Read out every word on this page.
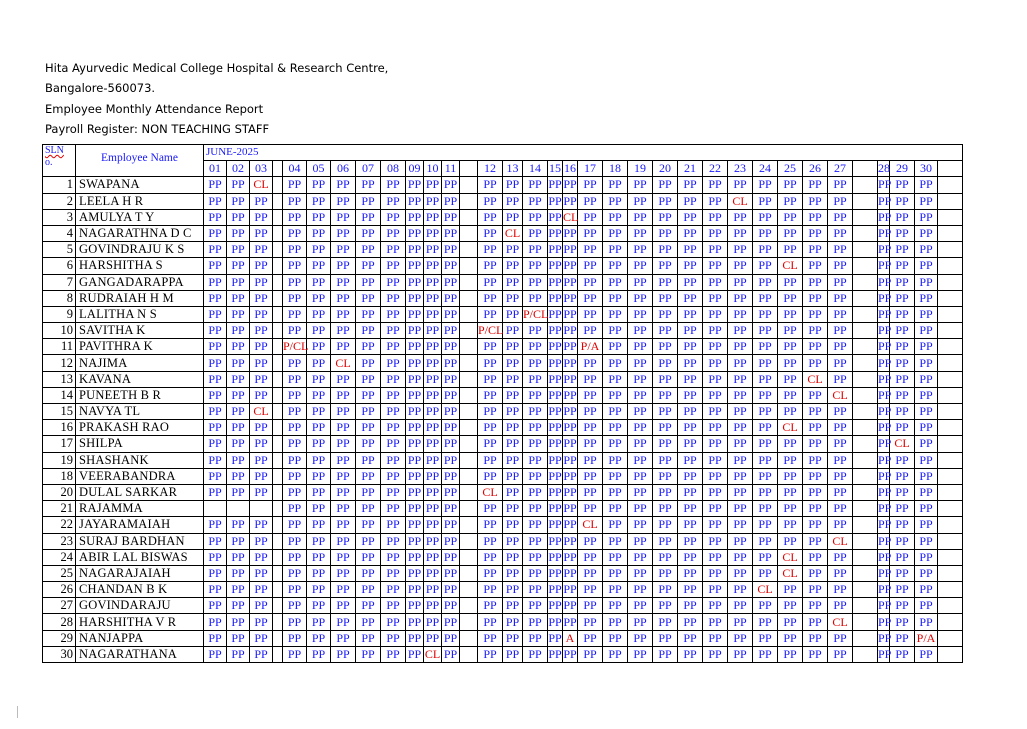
Hita Ayurvedic Medical College Hospital & Research Centre,
Bangalore-560073.
Employee Monthly Attendance Report
Payroll Register: NON TEACHING STAFF
SLN
o.	Employee Name	JUNE-2025																																	
		01	02	03		04	05	06	07	08	09	10	11		12	13	14	15	16	17	18	19	20	21	22	23	24	25	26	27		28	29	30	
1	SWAPANA	PP	PP	CL		PP	PP	PP	PP	PP	PP	PP	PP		PP	PP	PP	PP	PP	PP	PP	PP	PP	PP	PP	PP	PP	PP	PP	PP		PP	PP	PP	
2	LEELA H R	PP	PP	PP		PP	PP	PP	PP	PP	PP	PP	PP		PP	PP	PP	PP	PP	PP	PP	PP	PP	PP	PP	CL	PP	PP	PP	PP		PP	PP	PP	
3	AMULYA T Y	PP	PP	PP		PP	PP	PP	PP	PP	PP	PP	PP		PP	PP	PP	PP	CL	PP	PP	PP	PP	PP	PP	PP	PP	PP	PP	PP		PP	PP	PP	
4	NAGARATHNA D C	PP	PP	PP		PP	PP	PP	PP	PP	PP	PP	PP		PP	CL	PP	PP	PP	PP	PP	PP	PP	PP	PP	PP	PP	PP	PP	PP		PP	PP	PP	
5	GOVINDRAJU K S	PP	PP	PP		PP	PP	PP	PP	PP	PP	PP	PP		PP	PP	PP	PP	PP	PP	PP	PP	PP	PP	PP	PP	PP	PP	PP	PP		PP	PP	PP	
6	HARSHITHA S	PP	PP	PP		PP	PP	PP	PP	PP	PP	PP	PP		PP	PP	PP	PP	PP	PP	PP	PP	PP	PP	PP	PP	PP	CL	PP	PP		PP	PP	PP	
7	GANGADARAPPA	PP	PP	PP		PP	PP	PP	PP	PP	PP	PP	PP		PP	PP	PP	PP	PP	PP	PP	PP	PP	PP	PP	PP	PP	PP	PP	PP		PP	PP	PP	
8	RUDRAIAH H M	PP	PP	PP		PP	PP	PP	PP	PP	PP	PP	PP		PP	PP	PP	PP	PP	PP	PP	PP	PP	PP	PP	PP	PP	PP	PP	PP		PP	PP	PP	
9	LALITHA N S	PP	PP	PP		PP	PP	PP	PP	PP	PP	PP	PP		PP	PP	P/CL	PP	PP	PP	PP	PP	PP	PP	PP	PP	PP	PP	PP	PP		PP	PP	PP	
10	SAVITHA K	PP	PP	PP		PP	PP	PP	PP	PP	PP	PP	PP		P/CL	PP	PP	PP	PP	PP	PP	PP	PP	PP	PP	PP	PP	PP	PP	PP		PP	PP	PP	
11	PAVITHRA K	PP	PP	PP		P/CL	PP	PP	PP	PP	PP	PP	PP		PP	PP	PP	PP	PP	P/A	PP	PP	PP	PP	PP	PP	PP	PP	PP	PP		PP	PP	PP	
12	NAJIMA	PP	PP	PP		PP	PP	CL	PP	PP	PP	PP	PP		PP	PP	PP	PP	PP	PP	PP	PP	PP	PP	PP	PP	PP	PP	PP	PP		PP	PP	PP	
13	KAVANA	PP	PP	PP		PP	PP	PP	PP	PP	PP	PP	PP		PP	PP	PP	PP	PP	PP	PP	PP	PP	PP	PP	PP	PP	PP	CL	PP		PP	PP	PP	
14	PUNEETH B R	PP	PP	PP		PP	PP	PP	PP	PP	PP	PP	PP		PP	PP	PP	PP	PP	PP	PP	PP	PP	PP	PP	PP	PP	PP	PP	CL		PP	PP	PP	
15	NAVYA TL	PP	PP	CL		PP	PP	PP	PP	PP	PP	PP	PP		PP	PP	PP	PP	PP	PP	PP	PP	PP	PP	PP	PP	PP	PP	PP	PP		PP	PP	PP	
16	PRAKASH RAO	PP	PP	PP		PP	PP	PP	PP	PP	PP	PP	PP		PP	PP	PP	PP	PP	PP	PP	PP	PP	PP	PP	PP	PP	CL	PP	PP		PP	PP	PP	
17	SHILPA	PP	PP	PP		PP	PP	PP	PP	PP	PP	PP	PP		PP	PP	PP	PP	PP	PP	PP	PP	PP	PP	PP	PP	PP	PP	PP	PP		PP	CL	PP	
19	SHASHANK	PP	PP	PP		PP	PP	PP	PP	PP	PP	PP	PP		PP	PP	PP	PP	PP	PP	PP	PP	PP	PP	PP	PP	PP	PP	PP	PP		PP	PP	PP	
18	VEERABANDRA	PP	PP	PP		PP	PP	PP	PP	PP	PP	PP	PP		PP	PP	PP	PP	PP	PP	PP	PP	PP	PP	PP	PP	PP	PP	PP	PP		PP	PP	PP	
20	DULAL SARKAR	PP	PP	PP		PP	PP	PP	PP	PP	PP	PP	PP		CL	PP	PP	PP	PP	PP	PP	PP	PP	PP	PP	PP	PP	PP	PP	PP		PP	PP	PP	
21	RAJAMMA					PP	PP	PP	PP	PP	PP	PP	PP		PP	PP	PP	PP	PP	PP	PP	PP	PP	PP	PP	PP	PP	PP	PP	PP		PP	PP	PP	
22	JAYARAMAIAH	PP	PP	PP		PP	PP	PP	PP	PP	PP	PP	PP		PP	PP	PP	PP	PP	CL	PP	PP	PP	PP	PP	PP	PP	PP	PP	PP		PP	PP	PP	
23	SURAJ BARDHAN	PP	PP	PP		PP	PP	PP	PP	PP	PP	PP	PP		PP	PP	PP	PP	PP	PP	PP	PP	PP	PP	PP	PP	PP	PP	PP	CL		PP	PP	PP	
24	ABIR LAL BISWAS	PP	PP	PP		PP	PP	PP	PP	PP	PP	PP	PP		PP	PP	PP	PP	PP	PP	PP	PP	PP	PP	PP	PP	PP	CL	PP	PP		PP	PP	PP	
25	NAGARAJAIAH	PP	PP	PP		PP	PP	PP	PP	PP	PP	PP	PP		PP	PP	PP	PP	PP	PP	PP	PP	PP	PP	PP	PP	PP	CL	PP	PP		PP	PP	PP	
26	CHANDAN B K	PP	PP	PP		PP	PP	PP	PP	PP	PP	PP	PP		PP	PP	PP	PP	PP	PP	PP	PP	PP	PP	PP	PP	CL	PP	PP	PP		PP	PP	PP	
27	GOVINDARAJU	PP	PP	PP		PP	PP	PP	PP	PP	PP	PP	PP		PP	PP	PP	PP	PP	PP	PP	PP	PP	PP	PP	PP	PP	PP	PP	PP		PP	PP	PP	
28	HARSHITHA V R	PP	PP	PP		PP	PP	PP	PP	PP	PP	PP	PP		PP	PP	PP	PP	PP	PP	PP	PP	PP	PP	PP	PP	PP	PP	PP	CL		PP	PP	PP	
29	NANJAPPA	PP	PP	PP		PP	PP	PP	PP	PP	PP	PP	PP		PP	PP	PP	PP	A	PP	PP	PP	PP	PP	PP	PP	PP	PP	PP	PP		PP	PP	P/A	
30	NAGARATHANA	PP	PP	PP		PP	PP	PP	PP	PP	PP	CL	PP		PP	PP	PP	PP	PP	PP	PP	PP	PP	PP	PP	PP	PP	PP	PP	PP		PP	PP	PP	
